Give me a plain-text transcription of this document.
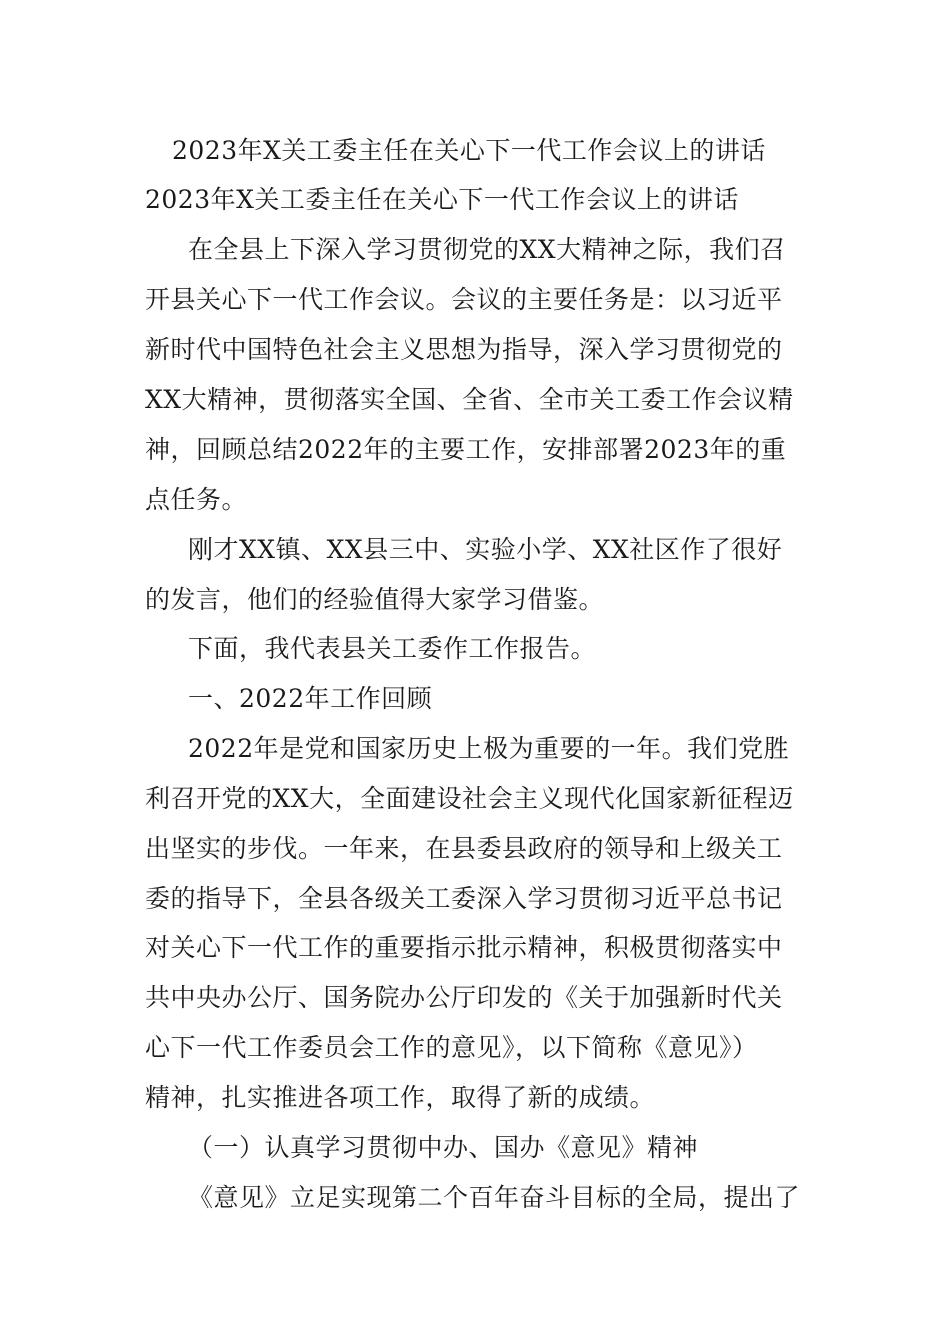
2023年X关工委主任在关心下一代工作会议上的讲话
2023年X关工委主任在关心下一代工作会议上的讲话
在全县上下深入学习贯彻党的XX大精神之际，我们召
开县关心下一代工作会议。会议的主要任务是：以习近平
新时代中国特色社会主义思想为指导，深入学习贯彻党的
XX大精神，贯彻落实全国、全省、全市关工委工作会议精
神，回顾总结2022年的主要工作，安排部署2023年的重
点任务。
刚才XX镇、XX县三中、实验小学、XX社区作了很好
的发言，他们的经验值得大家学习借鉴。
下面，我代表县关工委作工作报告。
一、2022年工作回顾
2022年是党和国家历史上极为重要的一年。我们党胜
利召开党的XX大，全面建设社会主义现代化国家新征程迈
出坚实的步伐。一年来，在县委县政府的领导和上级关工
委的指导下，全县各级关工委深入学习贯彻习近平总书记
对关心下一代工作的重要指示批示精神，积极贯彻落实中
共中央办公厅、国务院办公厅印发的《关于加强新时代关
心下一代工作委员会工作的意见》，以下简称《意见》）
精神，扎实推进各项工作，取得了新的成绩。
（一）认真学习贯彻中办、国办《意见》精神
《意见》立足实现第二个百年奋斗目标的全局，提出了
